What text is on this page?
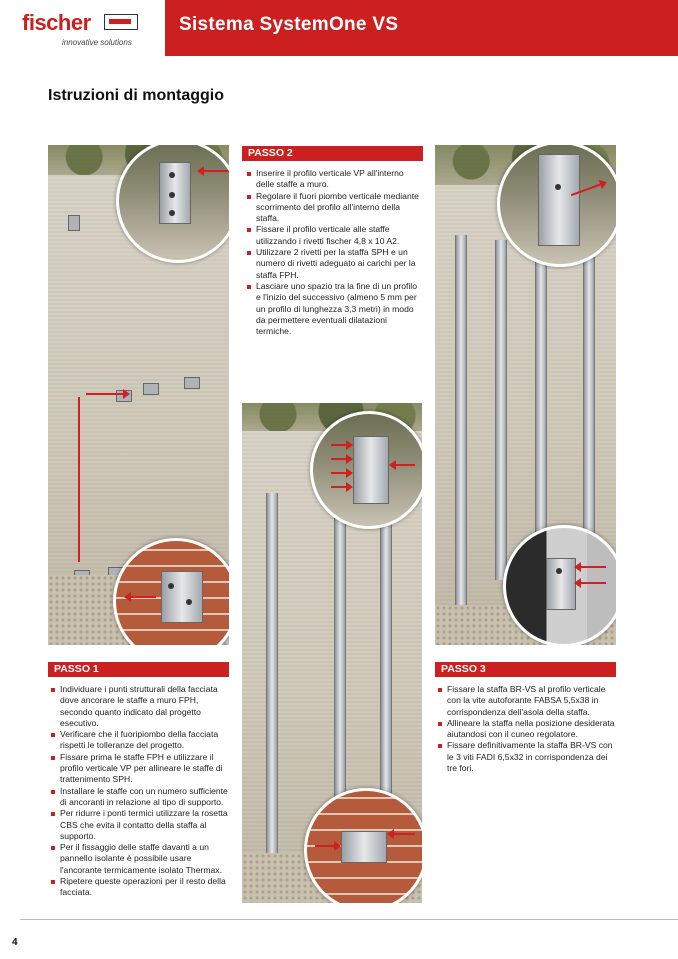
fischer
innovative solutions
Sistema SystemOne VS
Istruzioni di montaggio
PASSO 2
Inserire il profilo verticale VP all'interno delle staffe a muro.
Regolare il fuori piombo verticale mediante scorrimento del profilo all'interno della staffa.
Fissare il profilo verticale alle staffe utilizzando i rivetti fischer 4,8 x 10 A2.
Utilizzare 2 rivetti per la staffa SPH e un numero di rivetti adeguato ai carichi per la staffa FPH.
Lasciare uno spazio tra la fine di un profilo e l'inizio del successivo (almeno 5 mm per un profilo di lunghezza 3,3 metri) in modo da permettere eventuali dilatazioni termiche.
PASSO 1
Individuare i punti strutturali della facciata dove ancorare le staffe a muro FPH, secondo quanto indicato dal progetto esecutivo.
Verificare che il fuoripiombo della facciata rispetti le tolleranze del progetto.
Fissare prima le staffe FPH e utilizzare il profilo verticale VP per allineare le staffe di trattenimento SPH.
Installare le staffe con un numero sufficiente di ancoranti in relazione al tipo di supporto.
Per ridurre i ponti termici utilizzare la rosetta CBS che evita il contatto della staffa al supporto.
Per il fissaggio delle staffe davanti a un pannello isolante è possibile usare l'ancorante termicamente isolato Thermax.
Ripetere queste operazioni per il resto della facciata.
PASSO 3
Fissare la staffa BR-VS al profilo verticale con la vite autoforante FABSA 5,5x38 in corrispondenza dell'asola della staffa.
Allineare la staffa nella posizione desiderata aiutandosi con il cuneo regolatore.
Fissare definitivamente la staffa BR-VS con le 3 viti FADI 6,5x32 in corrispondenza dei tre fori.
4
